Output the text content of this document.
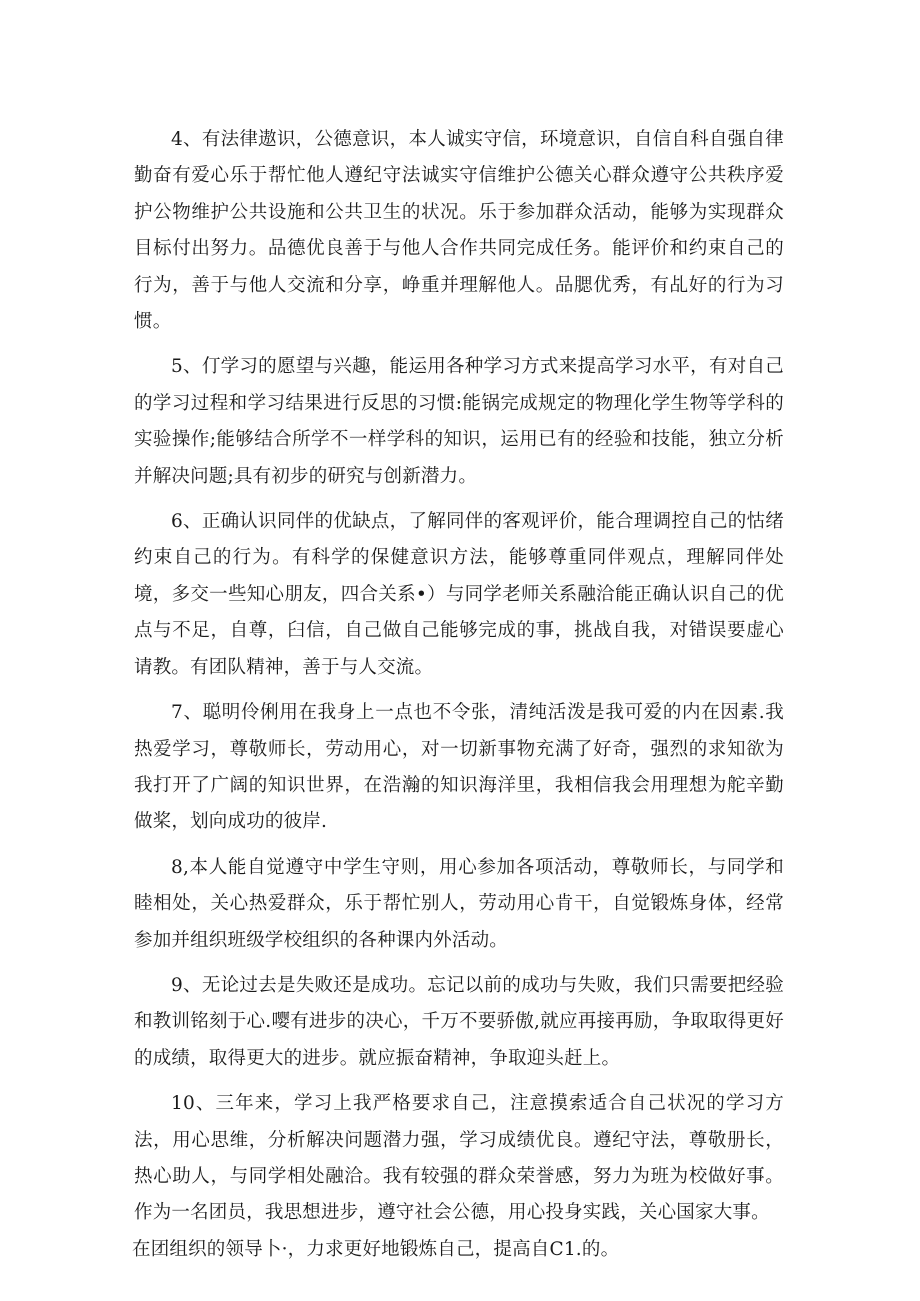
4、有法律遨识，公德意识，本人诚实守信，环境意识，自信自科自强自律勤奋有爱心乐于帮忙他人遵纪守法诚实守信维护公德关心群众遵守公共秩序爱护公物维护公共设施和公共卫生的状况。乐于参加群众活动，能够为实现群众目标付出努力。品德优良善于与他人合作共同完成任务。能评价和约束自己的行为，善于与他人交流和分享，峥重并理解他人。品腮优秀，有乩好的行为习惯。

5、仃学习的愿望与兴趣，能运用各种学习方式来提高学习水平，有对自己的学习过程和学习结果进行反思的习惯:能锅完成规定的物理化学生物等学科的实验操作;能够结合所学不一样学科的知识，运用已有的经验和技能，独立分析并解决问题;具有初步的研究与创新潜力。

6、正确认识同伴的优缺点，了解同伴的客观评价，能合理调控自己的怙绪约束自己的行为。有科学的保健意识方法，能够尊重同伴观点，理解同伴处境，多交一些知心朋友，四合关系•）与同学老师关系融洽能正确认识自己的优点与不足，自尊，臼信，自己做自己能够完成的事，挑战自我，对错误要虚心请教。有团队精神，善于与人交流。

7、聪明伶俐用在我身上一点也不令张，清纯活泼是我可爱的内在因素.我热爱学习，尊敬师长，劳动用心，对一切新事物充满了好奇，强烈的求知欲为我打开了广阔的知识世界，在浩瀚的知识海洋里，我相信我会用理想为舵辛勤做桨，划向成功的彼岸.

8,本人能自觉遵守中学生守则，用心参加各项活动，尊敬师长，与同学和睦相处，关心热爱群众，乐于帮忙别人，劳动用心肯干，自觉锻炼身体，经常参加并组织班级学校组织的各种课内外活动。

9、无论过去是失败还是成功。忘记以前的成功与失败，我们只需要把经验和教训铭刻于心.嘤有进步的决心，千万不要骄傲,就应再接再励，争取取得更好的成绩，取得更大的进步。就应振奋精神，争取迎头赶上。

10、三年来，学习上我严格要求自己，注意摸索适合自己状况的学习方法，用心思维，分析解决问题潜力强，学习成绩优良。遵纪守法，尊敬册长，热心助人，与同学相处融洽。我有较强的群众荣誉感，努力为班为校做好事。作为一名团员，我思想进步，遵守社会公德，用心投身实践，关心国家大事。

在团组织的领导卜·，力求更好地锻炼自己，提高自C1.的。
